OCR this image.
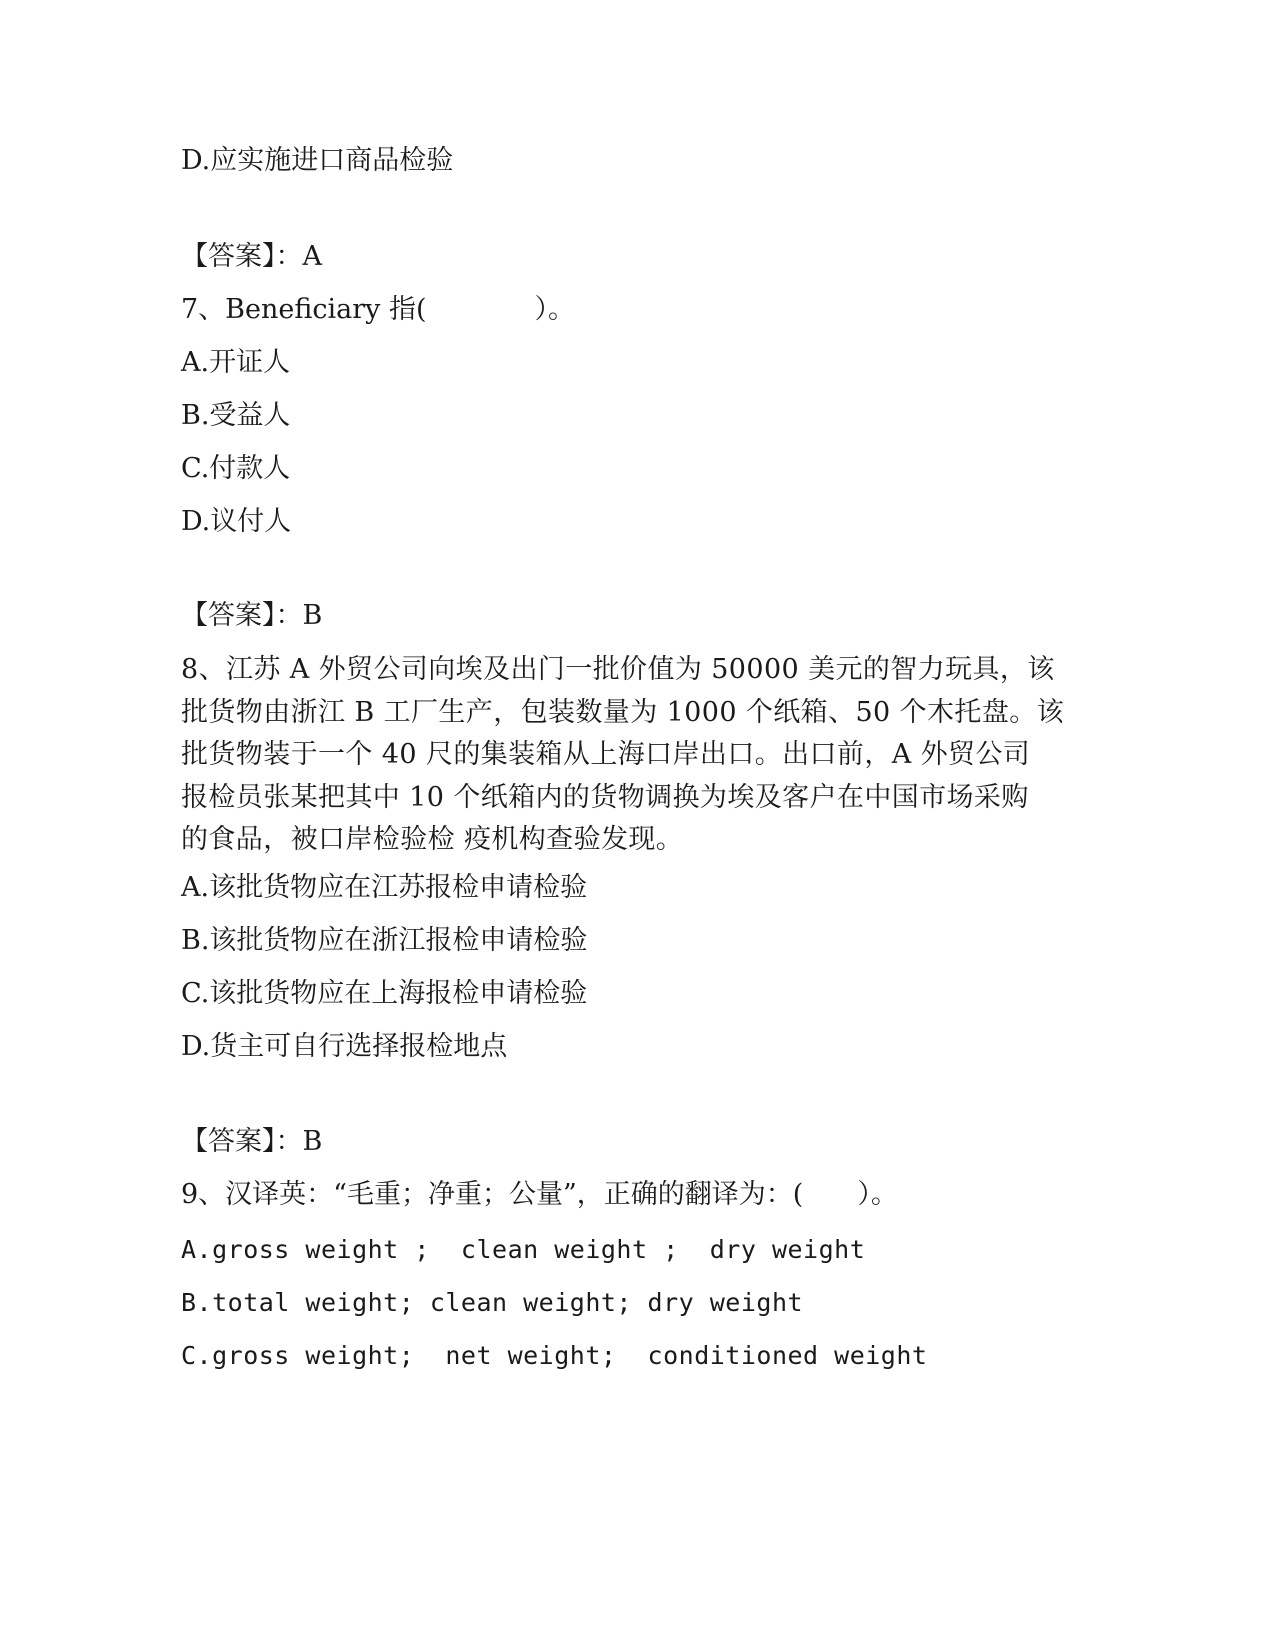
D.应实施进口商品检验
【答案】：A
7、Beneficiary 指(　　　　）。
A.开证人
B.受益人
C.付款人
D.议付人
【答案】：B
8、江苏 A 外贸公司向埃及出门一批价值为 50000 美元的智力玩具，该
批货物由浙江 B 工厂生产，包装数量为 1000 个纸箱、50 个木托盘。该
批货物装于一个 40 尺的集装箱从上海口岸出口。出口前，A 外贸公司
报检员张某把其中 10 个纸箱内的货物调换为埃及客户在中国市场采购
的食品，被口岸检验检 疫机构查验发现。
A.该批货物应在江苏报检申请检验
B.该批货物应在浙江报检申请检验
C.该批货物应在上海报检申请检验
D.货主可自行选择报检地点
【答案】：B
9、汉译英：“毛重；净重；公量”，正确的翻译为：(　　）。
A.gross weight ;  clean weight ;  dry weight
B.total weight; clean weight; dry weight
C.gross weight;  net weight;  conditioned weight
